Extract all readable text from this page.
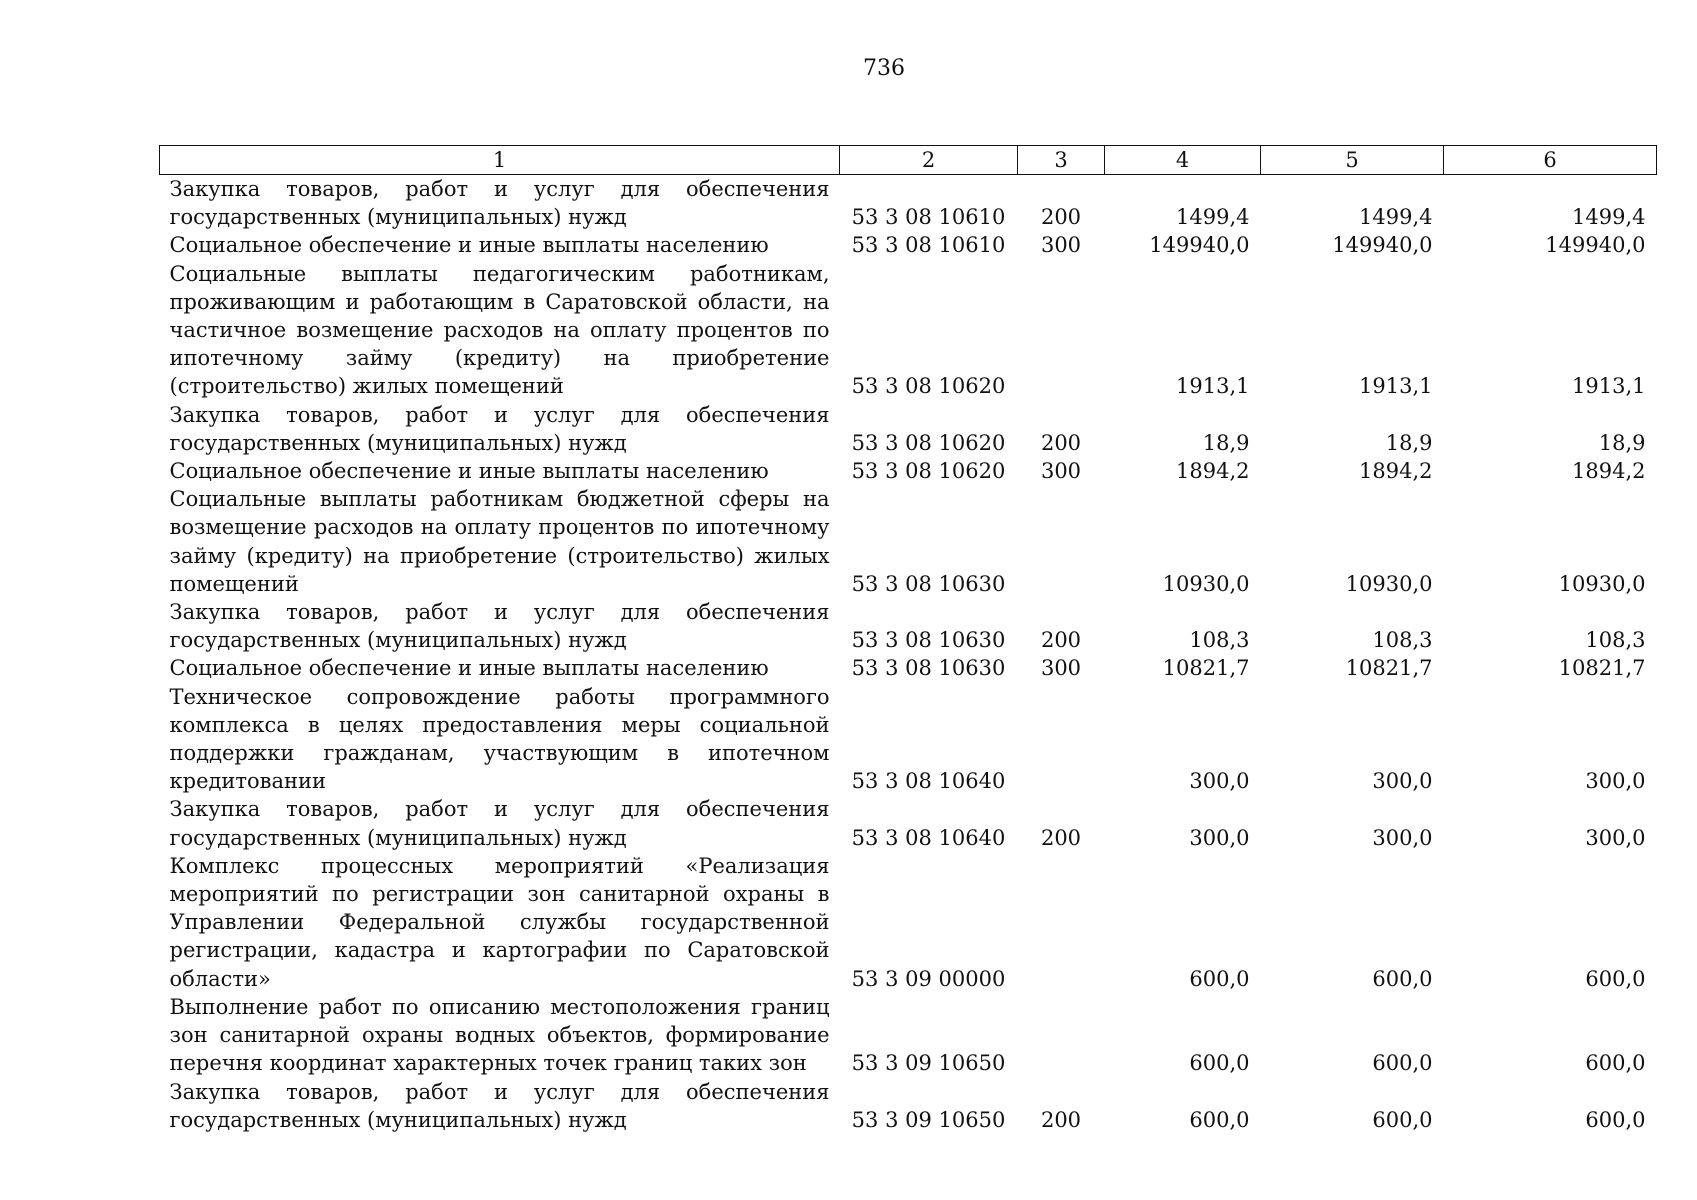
736
1	2	3	4	5	6
Закупка товаров, работ и услуг для обеспечения государственных (муниципальных) нужд	53 3 08 10610	200	1499,4	1499,4	1499,4
Социальное обеспечение и иные выплаты населению	53 3 08 10610	300	149940,0	149940,0	149940,0
Социальные выплаты педагогическим работникам, проживающим и работающим в Саратовской области, на частичное возмещение расходов на оплату процентов по ипотечному займу (кредиту) на приобретение (строительство) жилых помещений	53 3 08 10620		1913,1	1913,1	1913,1
Закупка товаров, работ и услуг для обеспечения государственных (муниципальных) нужд	53 3 08 10620	200	18,9	18,9	18,9
Социальное обеспечение и иные выплаты населению	53 3 08 10620	300	1894,2	1894,2	1894,2
Социальные выплаты работникам бюджетной сферы на возмещение расходов на оплату процентов по ипотечному займу (кредиту) на приобретение (строительство) жилых помещений	53 3 08 10630		10930,0	10930,0	10930,0
Закупка товаров, работ и услуг для обеспечения государственных (муниципальных) нужд	53 3 08 10630	200	108,3	108,3	108,3
Социальное обеспечение и иные выплаты населению	53 3 08 10630	300	10821,7	10821,7	10821,7
Техническое сопровождение работы программного комплекса в целях предоставления меры социальной поддержки гражданам, участвующим в ипотечном кредитовании	53 3 08 10640		300,0	300,0	300,0
Закупка товаров, работ и услуг для обеспечения государственных (муниципальных) нужд	53 3 08 10640	200	300,0	300,0	300,0
Комплекс процессных мероприятий «Реализация мероприятий по регистрации зон санитарной охраны в Управлении Федеральной службы государственной регистрации, кадастра и картографии по Саратовской области»	53 3 09 00000		600,0	600,0	600,0
Выполнение работ по описанию местоположения границ зон санитарной охраны водных объектов, формирование перечня координат характерных точек границ таких зон	53 3 09 10650		600,0	600,0	600,0
Закупка товаров, работ и услуг для обеспечения государственных (муниципальных) нужд	53 3 09 10650	200	600,0	600,0	600,0
